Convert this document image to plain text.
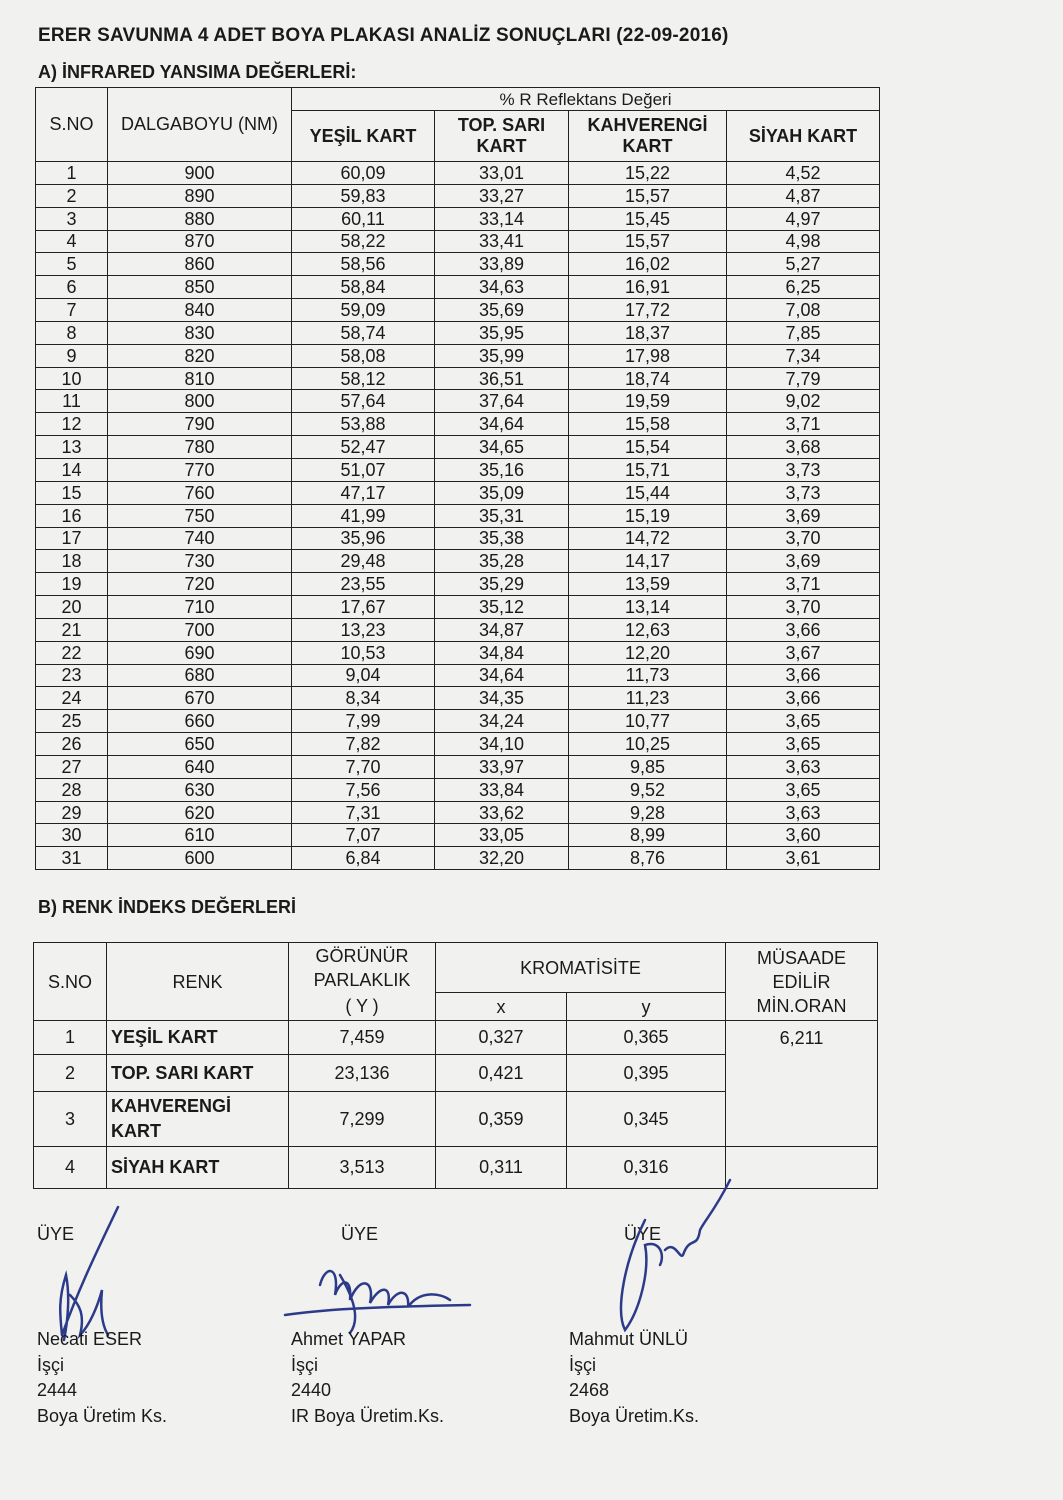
ERER SAVUNMA 4 ADET BOYA PLAKASI ANALİZ SONUÇLARI (22-09-2016)
A) İNFRARED YANSIMA DEĞERLERİ:
S.NO	DALGABOYU (NM)	% R Reflektans Değeri			
		YEŞİL KART	TOP. SARI KART	KAHVERENGİ KART	SİYAH KART
1	900	60,09	33,01	15,22	4,52
2	890	59,83	33,27	15,57	4,87
3	880	60,11	33,14	15,45	4,97
4	870	58,22	33,41	15,57	4,98
5	860	58,56	33,89	16,02	5,27
6	850	58,84	34,63	16,91	6,25
7	840	59,09	35,69	17,72	7,08
8	830	58,74	35,95	18,37	7,85
9	820	58,08	35,99	17,98	7,34
10	810	58,12	36,51	18,74	7,79
11	800	57,64	37,64	19,59	9,02
12	790	53,88	34,64	15,58	3,71
13	780	52,47	34,65	15,54	3,68
14	770	51,07	35,16	15,71	3,73
15	760	47,17	35,09	15,44	3,73
16	750	41,99	35,31	15,19	3,69
17	740	35,96	35,38	14,72	3,70
18	730	29,48	35,28	14,17	3,69
19	720	23,55	35,29	13,59	3,71
20	710	17,67	35,12	13,14	3,70
21	700	13,23	34,87	12,63	3,66
22	690	10,53	34,84	12,20	3,67
23	680	9,04	34,64	11,73	3,66
24	670	8,34	34,35	11,23	3,66
25	660	7,99	34,24	10,77	3,65
26	650	7,82	34,10	10,25	3,65
27	640	7,70	33,97	9,85	3,63
28	630	7,56	33,84	9,52	3,65
29	620	7,31	33,62	9,28	3,63
30	610	7,07	33,05	8,99	3,60
31	600	6,84	32,20	8,76	3,61
B) RENK İNDEKS DEĞERLERİ
S.NO	RENK	GÖRÜNÜR PARLAKLIK	KROMATİSİTE		MÜSAADE EDİLİR MİN.ORAN
		( Y )	x	y	
1	YEŞİL KART	7,459	0,327	0,365	6,211
2	TOP. SARI KART	23,136	0,421	0,395	
3	KAHVERENGİ KART	7,299	0,359	0,345	
4	SİYAH KART	3,513	0,311	0,316	
ÜYE	ÜYE	ÜYE
Necati ESER
İşçi
2444
Boya Üretim Ks.
Ahmet YAPAR
İşçi
2440
IR Boya Üretim.Ks.
Mahmut ÜNLÜ
İşçi
2468
Boya Üretim.Ks.
